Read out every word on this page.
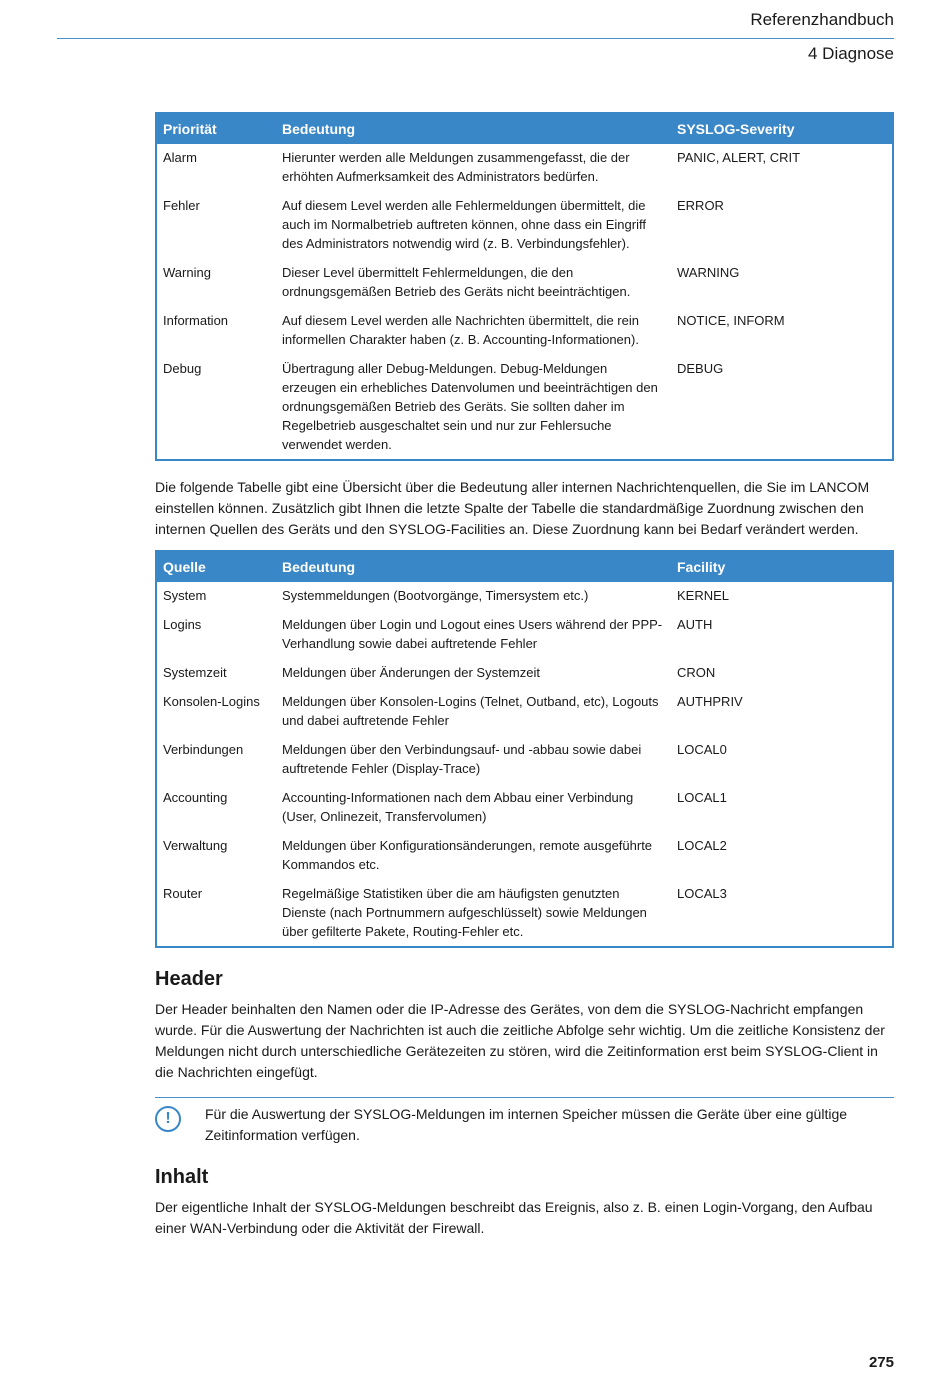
Referenzhandbuch
4 Diagnose
Priorität	Bedeutung	SYSLOG-Severity
Alarm	Hierunter werden alle Meldungen zusammengefasst, die der erhöhten Aufmerksamkeit des Administrators bedürfen.	PANIC, ALERT, CRIT
Fehler	Auf diesem Level werden alle Fehlermeldungen übermittelt, die auch im Normalbetrieb auftreten können, ohne dass ein Eingriff des Administrators notwendig wird (z. B. Verbindungsfehler).	ERROR
Warning	Dieser Level übermittelt Fehlermeldungen, die den ordnungsgemäßen Betrieb des Geräts nicht beeinträchtigen.	WARNING
Information	Auf diesem Level werden alle Nachrichten übermittelt, die rein informellen Charakter haben (z. B. Accounting-Informationen).	NOTICE, INFORM
Debug	Übertragung aller Debug-Meldungen. Debug-Meldungen erzeugen ein erhebliches Datenvolumen und beeinträchtigen den ordnungsgemäßen Betrieb des Geräts. Sie sollten daher im Regelbetrieb ausgeschaltet sein und nur zur Fehlersuche verwendet werden.	DEBUG

Die folgende Tabelle gibt eine Übersicht über die Bedeutung aller internen Nachrichtenquellen, die Sie im LANCOM einstellen können. Zusätzlich gibt Ihnen die letzte Spalte der Tabelle die standardmäßige Zuordnung zwischen den internen Quellen des Geräts und den SYSLOG-Facilities an. Diese Zuordnung kann bei Bedarf verändert werden.

Quelle	Bedeutung	Facility
System	Systemmeldungen (Bootvorgänge, Timersystem etc.)	KERNEL
Logins	Meldungen über Login und Logout eines Users während der PPP-Verhandlung sowie dabei auftretende Fehler	AUTH
Systemzeit	Meldungen über Änderungen der Systemzeit	CRON
Konsolen-Logins	Meldungen über Konsolen-Logins (Telnet, Outband, etc), Logouts und dabei auftretende Fehler	AUTHPRIV
Verbindungen	Meldungen über den Verbindungsauf- und -abbau sowie dabei auftretende Fehler (Display-Trace)	LOCAL0
Accounting	Accounting-Informationen nach dem Abbau einer Verbindung (User, Onlinezeit, Transfervolumen)	LOCAL1
Verwaltung	Meldungen über Konfigurationsänderungen, remote ausgeführte Kommandos etc.	LOCAL2
Router	Regelmäßige Statistiken über die am häufigsten genutzten Dienste (nach Portnummern aufgeschlüsselt) sowie Meldungen über gefilterte Pakete, Routing-Fehler etc.	LOCAL3
Header

Der Header beinhalten den Namen oder die IP-Adresse des Gerätes, von dem die SYSLOG-Nachricht empfangen wurde. Für die Auswertung der Nachrichten ist auch die zeitliche Abfolge sehr wichtig. Um die zeitliche Konsistenz der Meldungen nicht durch unterschiedliche Gerätezeiten zu stören, wird die Zeitinformation erst beim SYSLOG-Client in die Nachrichten eingefügt.

!	Für die Auswertung der SYSLOG-Meldungen im internen Speicher müssen die Geräte über eine gültige Zeitinformation verfügen.
Inhalt

Der eigentliche Inhalt der SYSLOG-Meldungen beschreibt das Ereignis, also z. B. einen Login-Vorgang, den Aufbau einer WAN-Verbindung oder die Aktivität der Firewall.

275
